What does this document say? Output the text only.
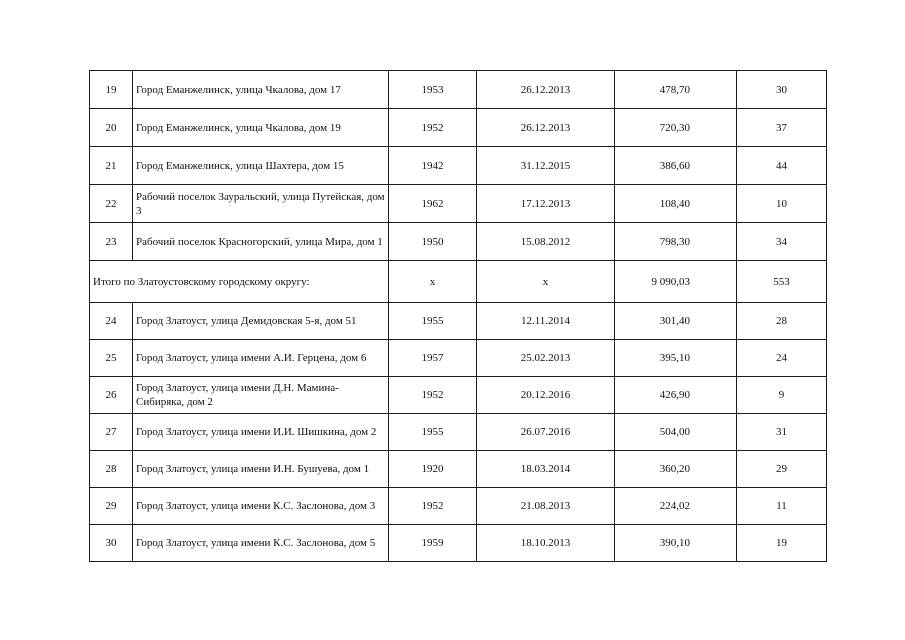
19	Город Еманжелинск, улица Чкалова, дом 17	1953	26.12.2013	478,70	30
20	Город Еманжелинск, улица Чкалова, дом 19	1952	26.12.2013	720,30	37
21	Город Еманжелинск, улица Шахтера, дом 15	1942	31.12.2015	386,60	44
22	Рабочий поселок Зауральский, улица Путейская, дом 3	1962	17.12.2013	108,40	10
23	Рабочий поселок Красногорский, улица Мира, дом 1	1950	15.08.2012	798,30	34
Итого по Златоустовскому городскому округу:		х	х	9 090,03	553
24	Город Златоуст, улица Демидовская 5-я, дом 51	1955	12.11.2014	301,40	28
25	Город Златоуст, улица имени А.И. Герцена, дом 6	1957	25.02.2013	395,10	24
26	Город Златоуст, улица имени Д.Н. Мамина-Сибиряка, дом 2	1952	20.12.2016	426,90	9
27	Город Златоуст, улица имени И.И. Шишкина, дом 2	1955	26.07.2016	504,00	31
28	Город Златоуст, улица имени И.Н. Бушуева, дом 1	1920	18.03.2014	360,20	29
29	Город Златоуст, улица имени К.С. Заслонова, дом 3	1952	21.08.2013	224,02	11
30	Город Златоуст, улица имени К.С. Заслонова, дом 5	1959	18.10.2013	390,10	19
